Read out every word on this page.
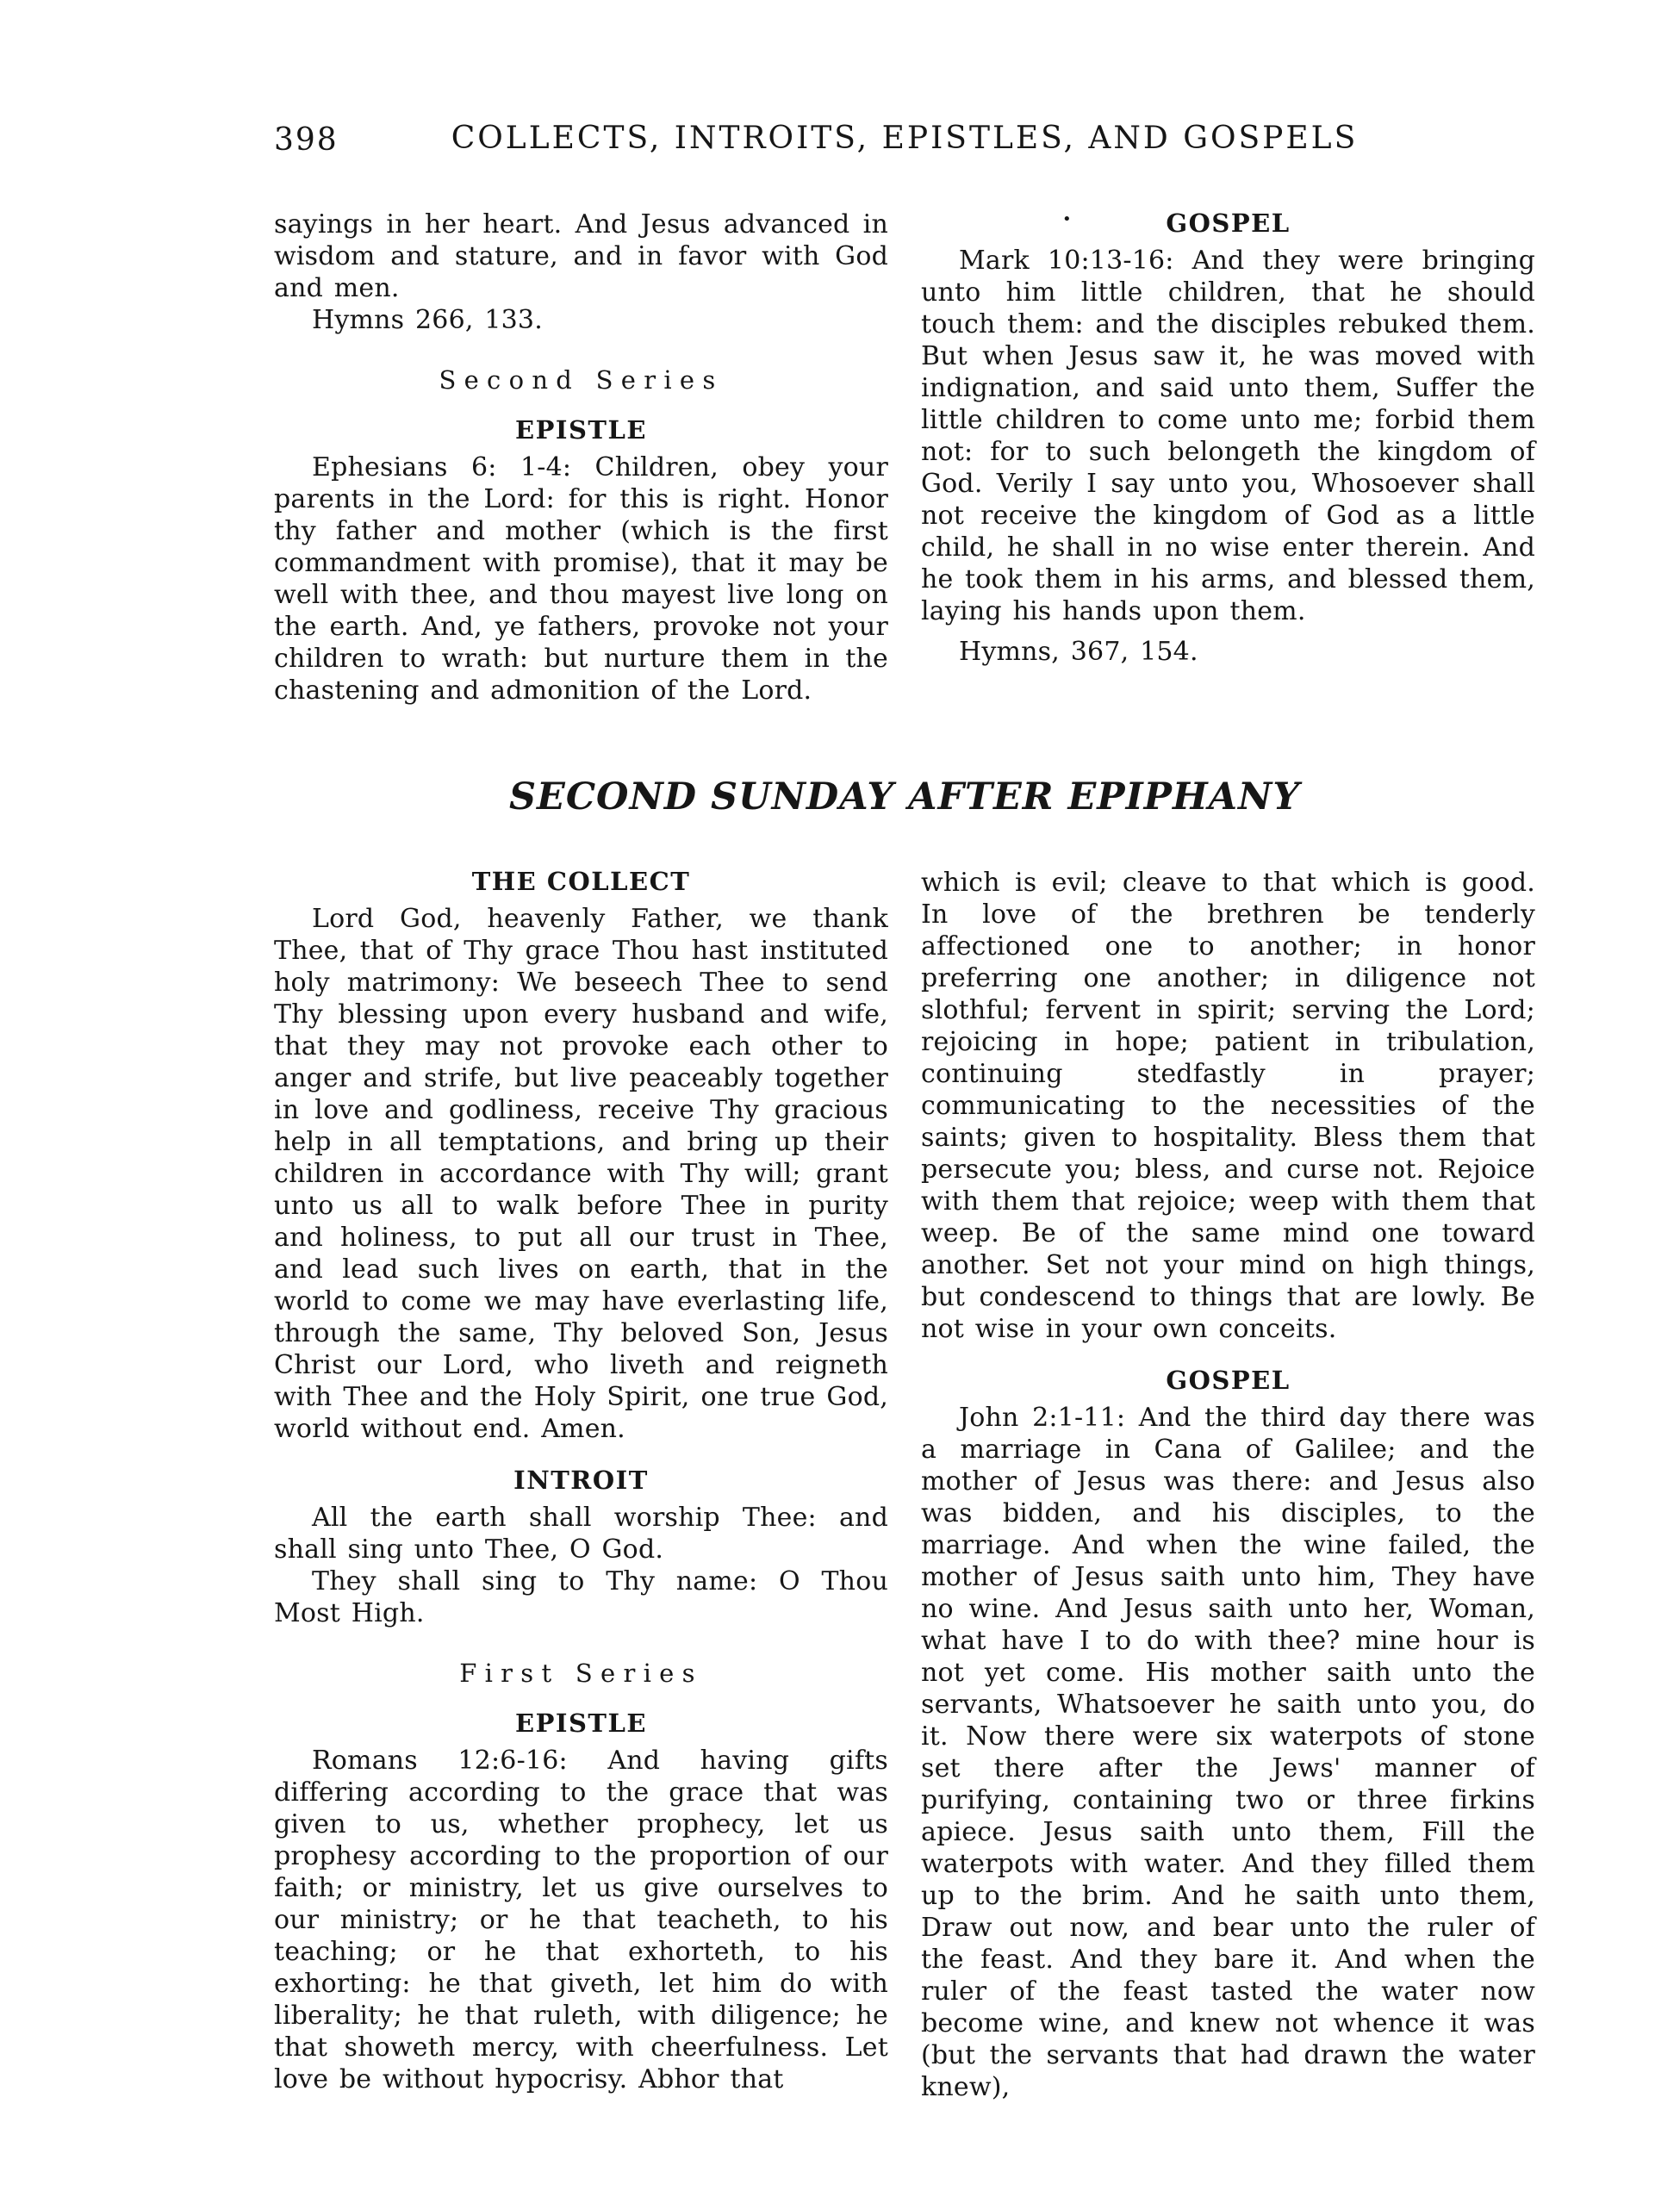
398	COLLECTS, INTROITS, EPISTLES, AND GOSPELS

sayings in her heart. And Jesus advanced in wisdom and stature, and in favor with God and men.

Hymns 266, 133.

Second Series
EPISTLE

Ephesians 6: 1-4: Children, obey your parents in the Lord: for this is right. Honor thy father and mother (which is the first commandment with promise), that it may be well with thee, and thou mayest live long on the earth. And, ye fathers, provoke not your children to wrath: but nurture them in the chastening and admonition of the Lord.

•	GOSPEL

Mark 10:13-16: And they were bringing unto him little children, that he should touch them: and the disciples rebuked them. But when Jesus saw it, he was moved with indignation, and said unto them, Suffer the little children to come unto me; forbid them not: for to such belongeth the kingdom of God. Verily I say unto you, Whosoever shall not receive the kingdom of God as a little child, he shall in no wise enter therein. And he took them in his arms, and blessed them, laying his hands upon them.

Hymns, 367, 154.

SECOND SUNDAY AFTER EPIPHANY
THE COLLECT

Lord God, heavenly Father, we thank Thee, that of Thy grace Thou hast instituted holy matrimony: We beseech Thee to send Thy blessing upon every husband and wife, that they may not provoke each other to anger and strife, but live peaceably together in love and godliness, receive Thy gracious help in all temptations, and bring up their children in accordance with Thy will; grant unto us all to walk before Thee in purity and holiness, to put all our trust in Thee, and lead such lives on earth, that in the world to come we may have everlasting life, through the same, Thy beloved Son, Jesus Christ our Lord, who liveth and reigneth with Thee and the Holy Spirit, one true God, world without end. Amen.

INTROIT

All the earth shall worship Thee: and shall sing unto Thee, O God.

They shall sing to Thy name: O Thou Most High.

First Series
EPISTLE

Romans 12:6-16: And having gifts differing according to the grace that was given to us, whether prophecy, let us prophesy according to the proportion of our faith; or ministry, let us give ourselves to our ministry; or he that teacheth, to his teaching; or he that exhorteth, to his exhorting: he that giveth, let him do with liberality; he that ruleth, with diligence; he that showeth mercy, with cheerfulness. Let love be without hypocrisy. Abhor that

which is evil; cleave to that which is good. In love of the brethren be tenderly affectioned one to another; in honor preferring one another; in diligence not slothful; fervent in spirit; serving the Lord; rejoicing in hope; patient in tribulation, continuing stedfastly in prayer; communicating to the necessities of the saints; given to hospitality. Bless them that persecute you; bless, and curse not. Rejoice with them that rejoice; weep with them that weep. Be of the same mind one toward another. Set not your mind on high things, but condescend to things that are lowly. Be not wise in your own conceits.

GOSPEL

John 2:1-11: And the third day there was a marriage in Cana of Galilee; and the mother of Jesus was there: and Jesus also was bidden, and his disciples, to the marriage. And when the wine failed, the mother of Jesus saith unto him, They have no wine. And Jesus saith unto her, Woman, what have I to do with thee? mine hour is not yet come. His mother saith unto the servants, Whatsoever he saith unto you, do it. Now there were six waterpots of stone set there after the Jews' manner of purifying, containing two or three firkins apiece. Jesus saith unto them, Fill the waterpots with water. And they filled them up to the brim. And he saith unto them, Draw out now, and bear unto the ruler of the feast. And they bare it. And when the ruler of the feast tasted the water now become wine, and knew not whence it was (but the servants that had drawn the water knew),
